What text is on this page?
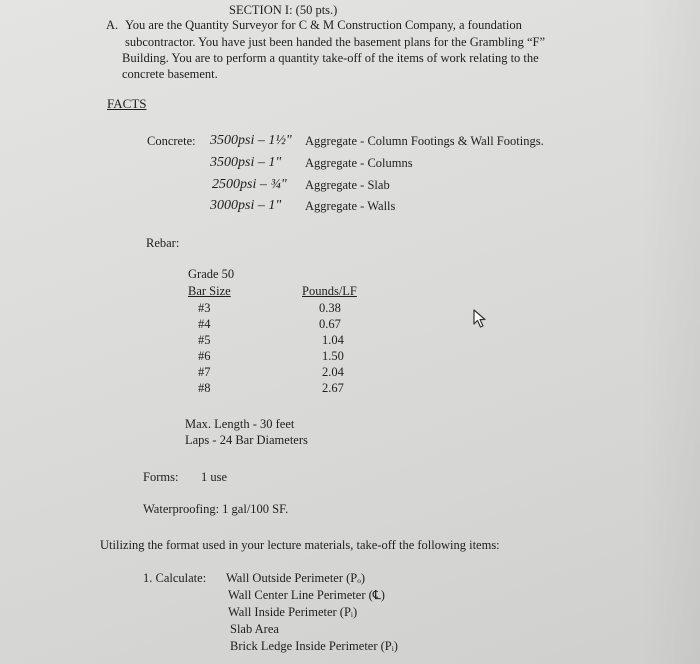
SECTION I: (50 pts.)
A. You are the Quantity Surveyor for C & M Construction Company, a foundation
subcontractor. You have just been handed the basement plans for the Grambling “F”
Building. You are to perform a quantity take-off of the items of work relating to the
concrete basement.
FACTS
Concrete: 3500psi – 1½" Aggregate - Column Footings & Wall Footings.
3500psi – 1" Aggregate - Columns
2500psi – ¾" Aggregate - Slab
3000psi – 1" Aggregate - Walls
Rebar:
Grade 50
Bar Size	Pounds/LF
#3	0.38
#4	0.67
#5	1.04
#6	1.50
#7	2.04
#8	2.67
Max. Length - 30 feet
Laps - 24 Bar Diameters
Forms: 1 use
Waterproofing: 1 gal/100 SF.
Utilizing the format used in your lecture materials, take-off the following items:
1. Calculate: Wall Outside Perimeter (Pₒ)
Wall Center Line Perimeter (℄)
Wall Inside Perimeter (Pᵢ)
Slab Area
Brick Ledge Inside Perimeter (Pᵢ)
